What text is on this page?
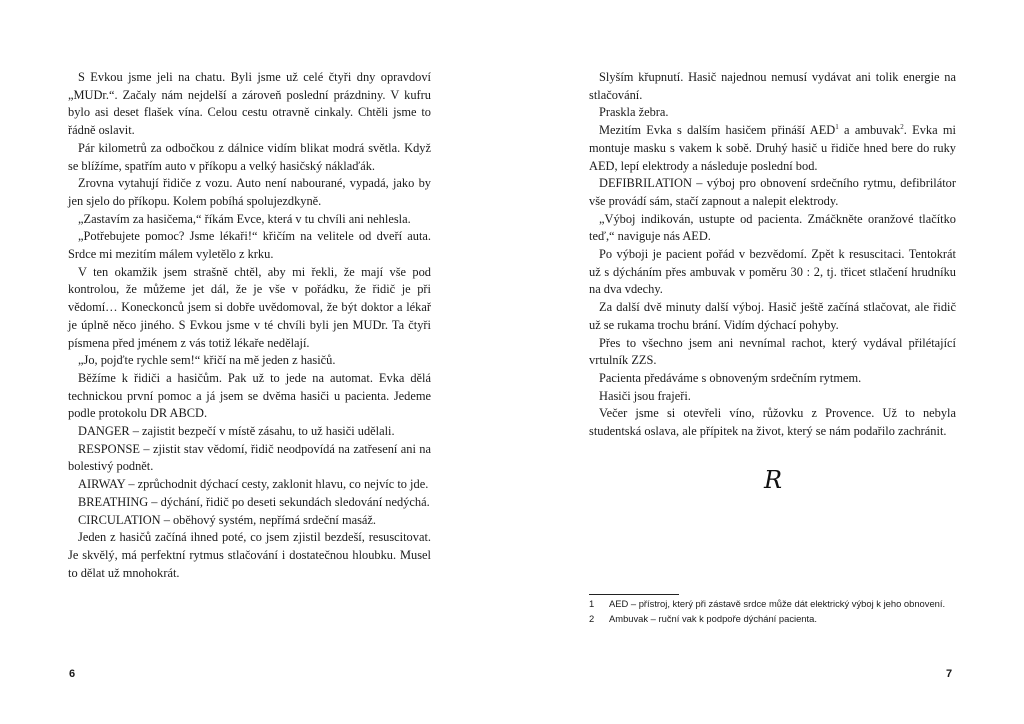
S Evkou jsme jeli na chatu. Byli jsme už celé čtyři dny opravdoví „MUDr.“. Začaly nám nejdelší a zároveň poslední prázdniny. V kufru bylo asi deset flašek vína. Celou cestu otravně cinkaly. Chtěli jsme to řádně oslavit.

Pár kilometrů za odbočkou z dálnice vidím blikat modrá světla. Když se blížíme, spatřím auto v příkopu a velký hasičský náklaďák.

Zrovna vytahují řidiče z vozu. Auto není nabourané, vypadá, jako by jen sjelo do příkopu. Kolem pobíhá spolujezdkyně.

„Zastavím za hasičema,“ říkám Evce, která v tu chvíli ani nehlesla.

„Potřebujete pomoc? Jsme lékaři!“ křičím na velitele od dveří auta. Srdce mi mezitím málem vyletělo z krku.

V ten okamžik jsem strašně chtěl, aby mi řekli, že mají vše pod kontrolou, že můžeme jet dál, že je vše v pořádku, že řidič je při vědomí… Koneckonců jsem si dobře uvědomoval, že být doktor a lékař je úplně něco jiného. S Evkou jsme v té chvíli byli jen MUDr. Ta čtyři písmena před jménem z vás totiž lékaře nedělají.

„Jo, pojďte rychle sem!“ křičí na mě jeden z hasičů.

Běžíme k řidiči a hasičům. Pak už to jede na automat. Evka dělá technickou první pomoc a já jsem se dvěma hasiči u pacienta. Jedeme podle protokolu DR ABCD.

DANGER – zajistit bezpečí v místě zásahu, to už hasiči udělali.

RESPONSE – zjistit stav vědomí, řidič neodpovídá na zatřesení ani na bolestivý podnět.

AIRWAY – zprůchodnit dýchací cesty, zaklonit hlavu, co nejvíc to jde.

BREATHING – dýchání, řidič po deseti sekundách sledování nedýchá.

CIRCULATION – oběhový systém, nepřímá srdeční masáž.

Jeden z hasičů začíná ihned poté, co jsem zjistil bezdeší, resuscitovat. Je skvělý, má perfektní rytmus stlačování i dostatečnou hloubku. Musel to dělat už mnohokrát.

6

Slyším křupnutí. Hasič najednou nemusí vydávat ani tolik energie na stlačování.

Praskla žebra.

Mezitím Evka s dalším hasičem přináší AED$^1$ a ambuvak$^2$. Evka mi montuje masku s vakem k sobě. Druhý hasič u řidiče hned bere do ruky AED, lepí elektrody a následuje poslední bod.

DEFIBRILATION – výboj pro obnovení srdečního rytmu, defibrilátor vše provádí sám, stačí zapnout a nalepit elektrody.

„Výboj indikován, ustupte od pacienta. Zmáčkněte oranžové tlačítko teď,“ naviguje nás AED.

Po výboji je pacient pořád v bezvědomí. Zpět k resuscitaci. Tentokrát už s dýcháním přes ambuvak v poměru 30 : 2, tj. třicet stlačení hrudníku na dva vdechy.

Za další dvě minuty další výboj. Hasič ještě začíná stlačovat, ale řidič už se rukama trochu brání. Vidím dýchací pohyby.

Přes to všechno jsem ani nevnímal rachot, který vydával přilétající vrtulník ZZS.

Pacienta předáváme s obnoveným srdečním rytmem.

Hasiči jsou frajeři.

Večer jsme si otevřeli víno, růžovku z Provence. Už to nebyla studentská oslava, ale přípitek na život, který se nám podařilo zachránit.

R
1	AED – přístroj, který při zástavě srdce může dát elektrický výboj k jeho obnovení.
2	Ambuvak – ruční vak k podpoře dýchání pacienta.
7
